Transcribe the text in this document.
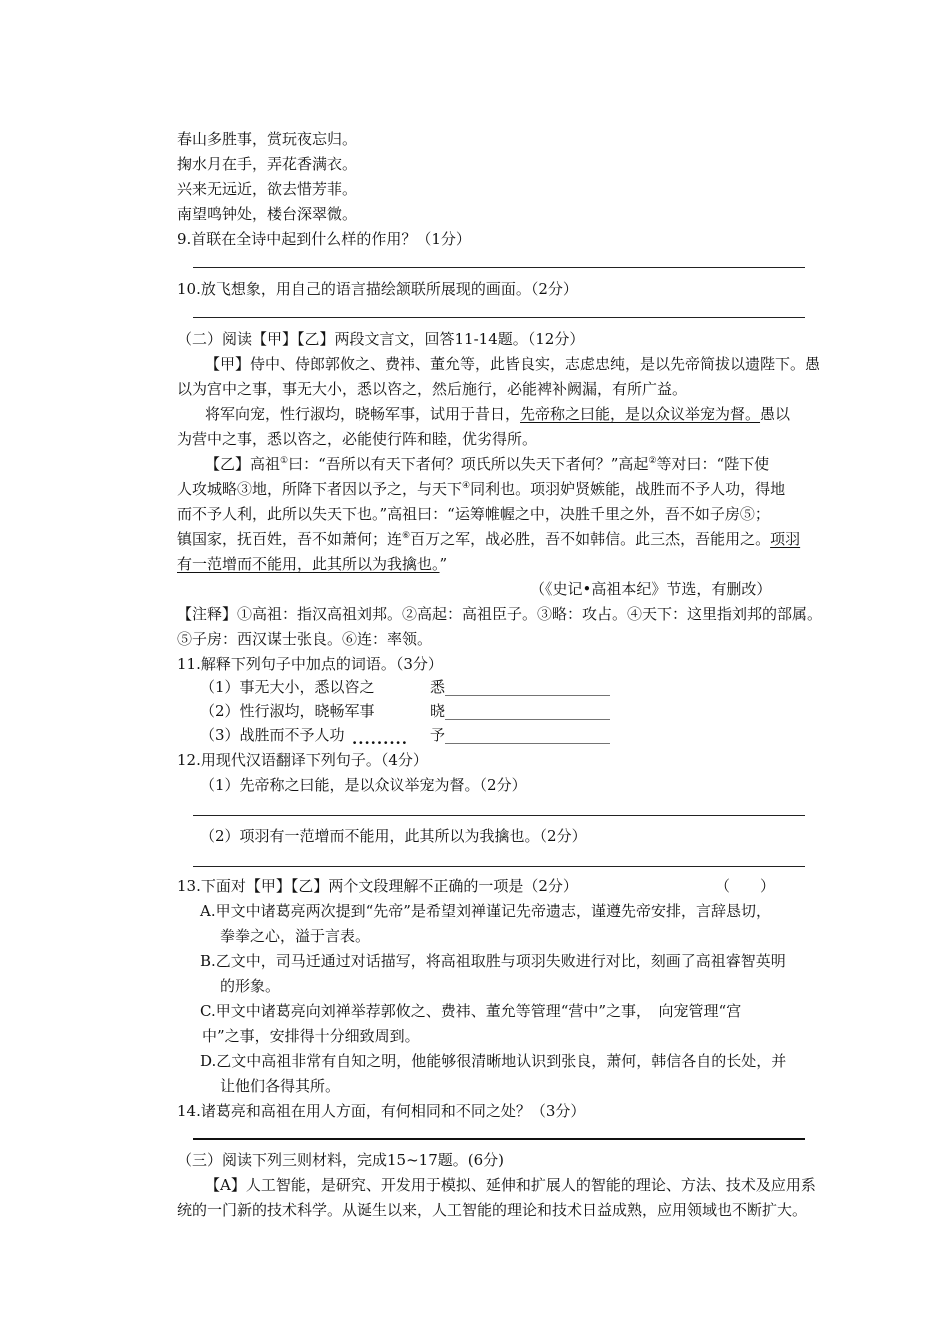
春山多胜事，赏玩夜忘归。
掬水月在手，弄花香满衣。
兴来无远近，欲去惜芳菲。
南望鸣钟处，楼台深翠微。
9.首联在全诗中起到什么样的作用？（1分）
10.放飞想象，用自己的语言描绘颔联所展现的画面。（2分）
（二）阅读【甲】【乙】两段文言文，回答11-14题。（12分）
【甲】侍中、侍郎郭攸之、费祎、董允等，此皆良实，志虑忠纯，是以先帝简拔以遗陛下。愚
以为宫中之事，事无大小，悉以咨之，然后施行，必能裨补阙漏，有所广益。
将军向宠，性行淑均，晓畅军事，试用于昔日，先帝称之曰能，是以众议举宠为督。愚以
为营中之事，悉以咨之，必能使行阵和睦，优劣得所。
【乙】高祖①曰：“吾所以有天下者何？项氏所以失天下者何？”高起②等对曰：“陛下使
人攻城略③地，所降下者因以予之，与天下④同利也。项羽妒贤嫉能，战胜而不予人功，得地
而不予人利，此所以失天下也。”高祖曰：“运筹帷幄之中，决胜千里之外，吾不如子房⑤；
镇国家，抚百姓，吾不如萧何；连⑥百万之军，战必胜，吾不如韩信。此三杰，吾能用之。项羽
有一范增而不能用，此其所以为我擒也。”
（《史记•高祖本纪》节选，有删改）
【注释】①高祖：指汉高祖刘邦。②高起：高祖臣子。③略：攻占。④天下：这里指刘邦的部属。
⑤子房：西汉谋士张良。⑥连：率领。
11.解释下列句子中加点的词语。（3分）
（1）事无大小，悉以咨之	悉______________________
（2）性行淑均，晓畅军事	晓______________________
（3）战胜而不予人功	予______________________
·········
12.用现代汉语翻译下列句子。（4分）
（1）先帝称之曰能，是以众议举宠为督。（2分）
（2）项羽有一范增而不能用，此其所以为我擒也。（2分）
13.下面对【甲】【乙】两个文段理解不正确的一项是（2分）	（　　）
A.甲文中诸葛亮两次提到“先帝”是希望刘禅谨记先帝遗志，谨遵先帝安排，言辞恳切，
拳拳之心，溢于言表。
B.乙文中，司马迁通过对话描写，将高祖取胜与项羽失败进行对比，刻画了高祖睿智英明
的形象。
C.甲文中诸葛亮向刘禅举荐郭攸之、费祎、董允等管理“营中”之事，　向宠管理“宫
中”之事，安排得十分细致周到。
D.乙文中高祖非常有自知之明，他能够很清晰地认识到张良，萧何，韩信各自的长处，并
让他们各得其所。
14.诸葛亮和高祖在用人方面，有何相同和不同之处？（3分）
（三）阅读下列三则材料，完成15~17题。(6分)
【A】人工智能，是研究、开发用于模拟、延伸和扩展人的智能的理论、方法、技术及应用系
统的一门新的技术科学。从诞生以来，人工智能的理论和技术日益成熟，应用领域也不断扩大。
